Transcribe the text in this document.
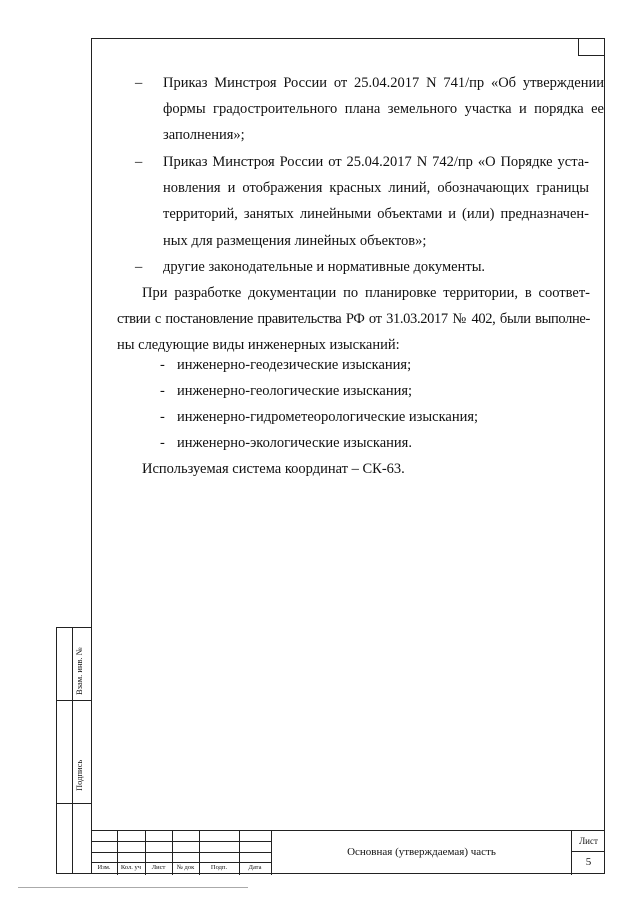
Взам. инв. №
Подпись
– Приказ Минстроя России от 25.04.2017 N 741/пр «Об утверждении
формы градостроительного плана земельного участка и порядка ее
заполнения»;
– Приказ Минстроя России от 25.04.2017 N 742/пр «О Порядке уста-
новления и отображения красных линий, обозначающих границы
территорий, занятых линейными объектами и (или) предназначен-
ных для размещения линейных объектов»;
– другие законодательные и нормативные документы.
При разработке документации по планировке территории, в соответ-
ствии с постановление правительства РФ от 31.03.2017 № 402, были выполне-
ны следующие виды инженерных изысканий:
- инженерно-геодезические изыскания;
- инженерно-геологические изыскания;
- инженерно-гидрометеорологические изыскания;
- инженерно-экологические изыскания.
Используемая система координат – СК-63.
Изм.	Кол. уч	Лист	№ док	Подп.	Дата
Основная (утверждаемая) часть
Лист
5
